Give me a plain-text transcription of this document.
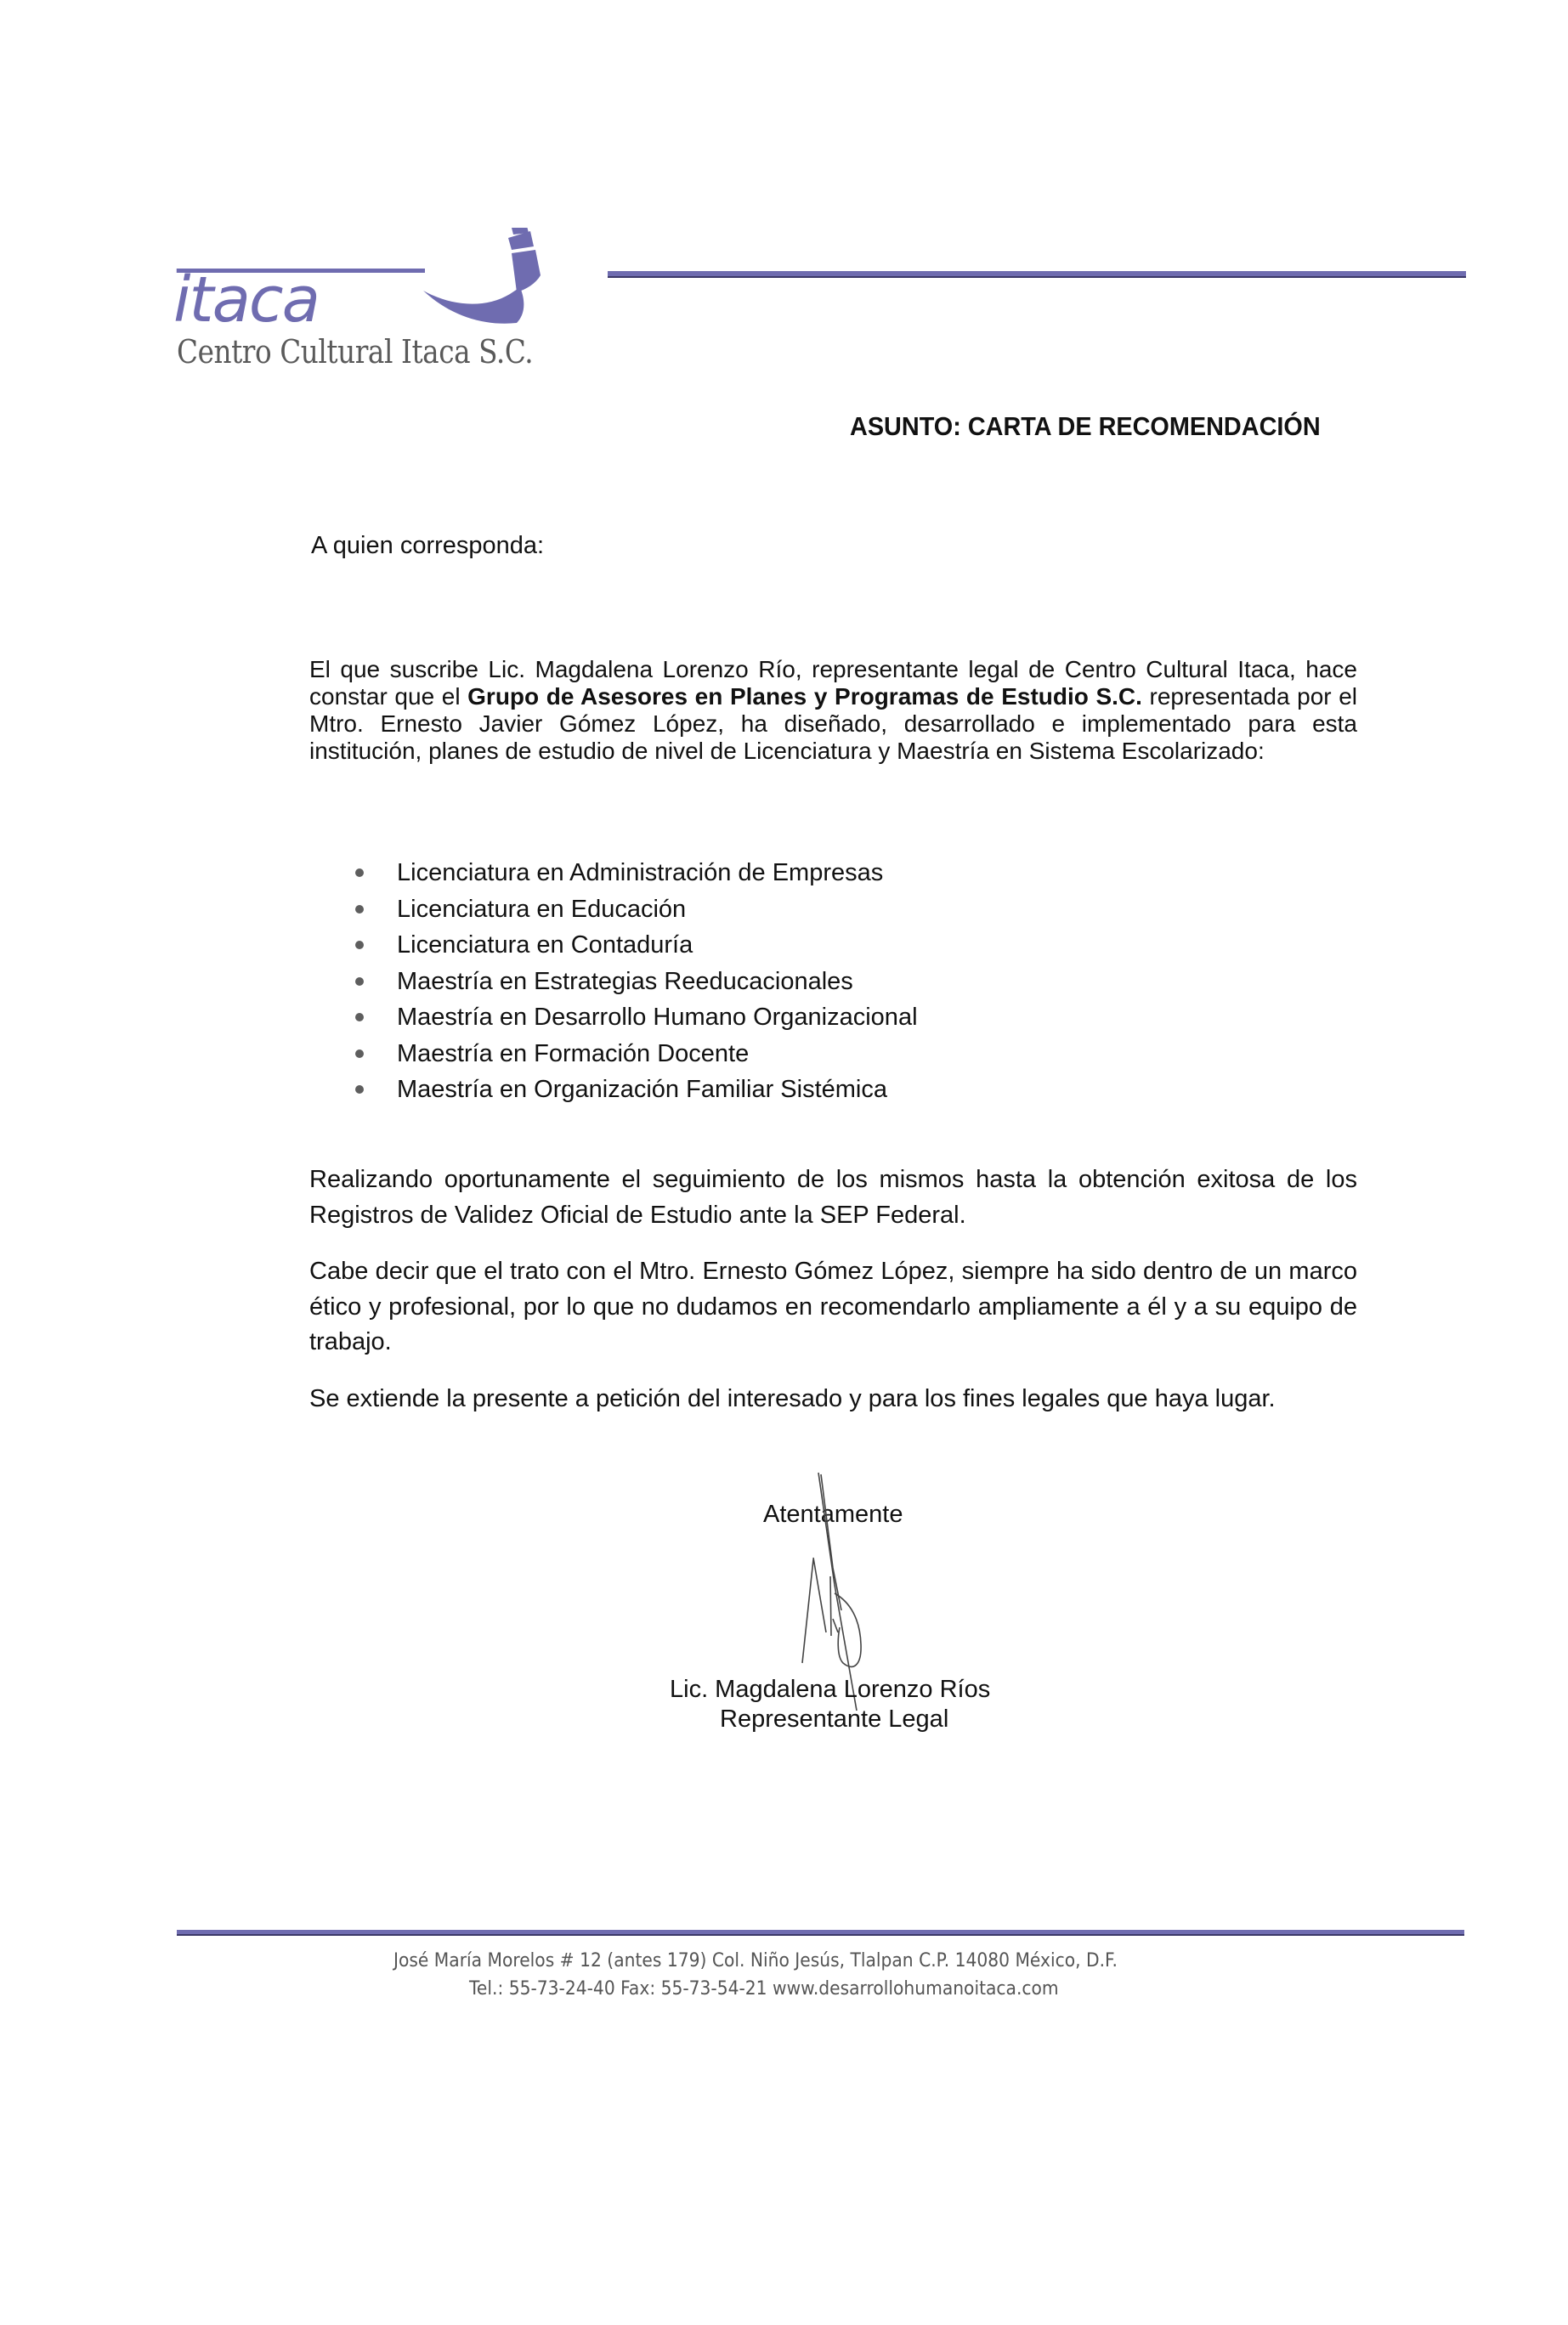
itaca
Centro Cultural Itaca S.C.
ASUNTO: CARTA DE RECOMENDACIÓN
A quien corresponda:
El que suscribe Lic. Magdalena Lorenzo Río, representante legal de Centro Cultural Itaca, hace constar que el Grupo de Asesores en Planes y Programas de Estudio S.C. representada por el Mtro. Ernesto Javier Gómez López, ha diseñado, desarrollado e implementado para esta institución, planes de estudio de nivel de Licenciatura y Maestría en Sistema Escolarizado:
Licenciatura en Administración de Empresas
Licenciatura en Educación
Licenciatura en Contaduría
Maestría en Estrategias Reeducacionales
Maestría en Desarrollo Humano Organizacional
Maestría en Formación Docente
Maestría en Organización Familiar Sistémica
Realizando oportunamente el seguimiento de los mismos hasta la obtención exitosa de los Registros de Validez Oficial de Estudio ante la SEP Federal.
Cabe decir que el trato con el Mtro. Ernesto Gómez López, siempre ha sido dentro de un marco ético y profesional, por lo que no dudamos en recomendarlo ampliamente a él y a su equipo de trabajo.
Se extiende la presente a petición del interesado y para los fines legales que haya lugar.
Atentamente
Lic. Magdalena Lorenzo Ríos
Representante Legal
José María Morelos # 12 (antes 179) Col. Niño Jesús, Tlalpan C.P. 14080 México, D.F.
Tel.: 55-73-24-40 Fax: 55-73-54-21 www.desarrollohumanoitaca.com
